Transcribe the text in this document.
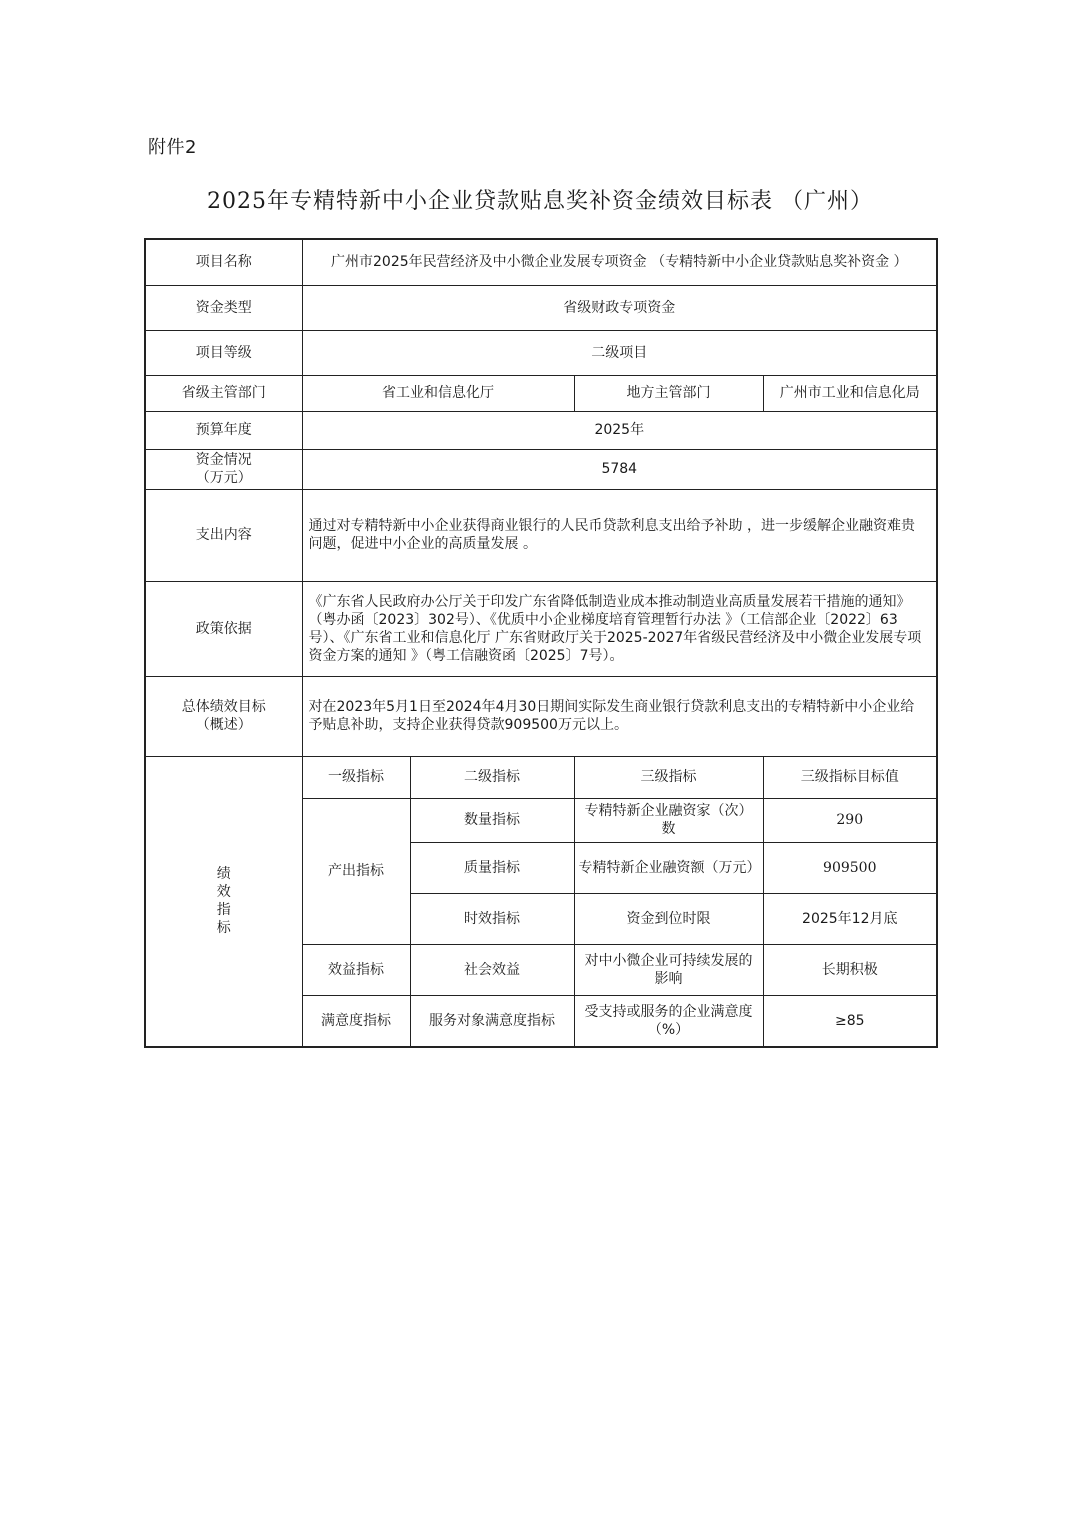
附件2
2025年专精特新中小企业贷款贴息奖补资金绩效目标表 （广州）
项目名称	广州市2025年民营经济及中小微企业发展专项资金 （专精特新中小企业贷款贴息奖补资金 ）			
资金类型	省级财政专项资金			
项目等级	二级项目			
省级主管部门	省工业和信息化厅		地方主管部门	广州市工业和信息化局
预算年度	2025年			

资金情况
（万元）	5784			
支出内容	通过对专精特新中小企业获得商业银行的人民币贷款利息支出给予补助 ，进一步缓解企业融资难贵问题，促进中小企业的高质量发展 。			
政策依据	《广东省人民政府办公厅关于印发广东省降低制造业成本推动制造业高质量发展若干措施的通知》（粤办函〔2023〕302号）、《优质中小企业梯度培育管理暂行办法 》（工信部企业〔2022〕63号）、《广东省工业和信息化厅 广东省财政厅关于2025-2027年省级民营经济及中小微企业发展专项资金方案的通知 》（粤工信融资函〔2025〕7号）。			

总体绩效目标
（概述）	对在2023年5月1日至2024年4月30日期间实际发生商业银行贷款利息支出的专精特新中小企业给予贴息补助，支持企业获得贷款909500万元以上。			

绩
效
指
标	一级指标	二级指标	三级指标	三级指标目标值
	产出指标	数量指标	专精特新企业融资家（次）数	290
		质量指标	专精特新企业融资额（万元）	909500
		时效指标	资金到位时限	2025年12月底
	效益指标	社会效益	对中小微企业可持续发展的影响	长期积极
	满意度指标	服务对象满意度指标	受支持或服务的企业满意度（%）	≥85
